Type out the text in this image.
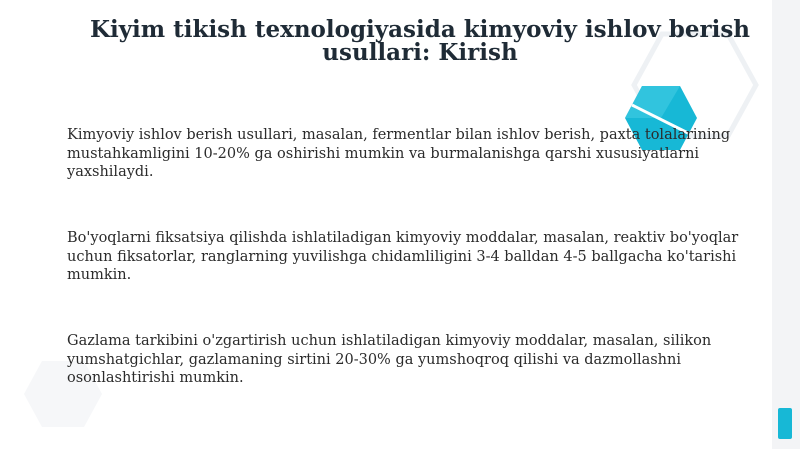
Kiyim tikish texnologiyasida kimyoviy ishlov berish usullari: Kirish

Kimyoviy ishlov berish usullari, masalan, fermentlar bilan ishlov berish, paxta tolalarining mustahkamligini 10-20% ga oshirishi mumkin va burmalanishga qarshi xususiyatlarni yaxshilaydi.

Bo'yoqlarni fiksatsiya qilishda ishlatiladigan kimyoviy moddalar, masalan, reaktiv bo'yoqlar uchun fiksatorlar, ranglarning yuvilishga chidamliligini 3-4 balldan 4-5 ballgacha ko'tarishi mumkin.

Gazlama tarkibini o'zgartirish uchun ishlatiladigan kimyoviy moddalar, masalan, silikon yumshatgichlar, gazlamaning sirtini 20-30% ga yumshoqroq qilishi va dazmollashni osonlashtirishi mumkin.
